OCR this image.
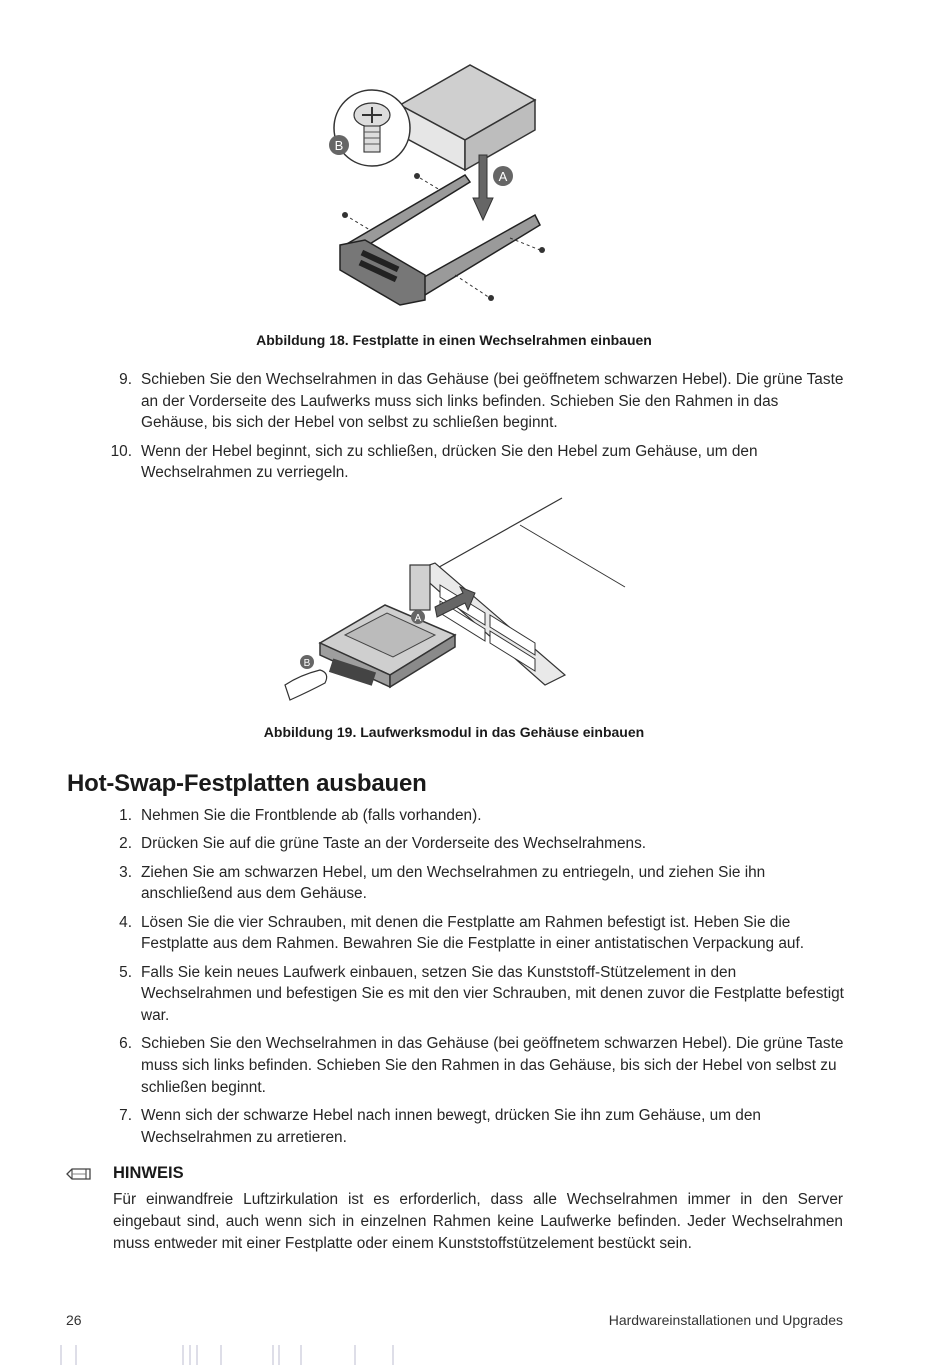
B
A
Abbildung 18. Festplatte in einen Wechselrahmen einbauen
9. Schieben Sie den Wechselrahmen in das Gehäuse (bei geöffnetem schwarzen Hebel). Die grüne Taste an der Vorderseite des Laufwerks muss sich links befinden. Schieben Sie den Rahmen in das Gehäuse, bis sich der Hebel von selbst zu schließen beginnt.
10. Wenn der Hebel beginnt, sich zu schließen, drücken Sie den Hebel zum Gehäuse, um den Wechselrahmen zu verriegeln.
A
B
Abbildung 19. Laufwerksmodul in das Gehäuse einbauen
Hot-Swap-Festplatten ausbauen
1. Nehmen Sie die Frontblende ab (falls vorhanden).
2. Drücken Sie auf die grüne Taste an der Vorderseite des Wechselrahmens.
3. Ziehen Sie am schwarzen Hebel, um den Wechselrahmen zu entriegeln, und ziehen Sie ihn anschließend aus dem Gehäuse.
4. Lösen Sie die vier Schrauben, mit denen die Festplatte am Rahmen befestigt ist. Heben Sie die Festplatte aus dem Rahmen. Bewahren Sie die Festplatte in einer antistatischen Verpackung auf.
5. Falls Sie kein neues Laufwerk einbauen, setzen Sie das Kunststoff-Stützelement in den Wechselrahmen und befestigen Sie es mit den vier Schrauben, mit denen zuvor die Festplatte befestigt war.
6. Schieben Sie den Wechselrahmen in das Gehäuse (bei geöffnetem schwarzen Hebel). Die grüne Taste muss sich links befinden. Schieben Sie den Rahmen in das Gehäuse, bis sich der Hebel von selbst zu schließen beginnt.
7. Wenn sich der schwarze Hebel nach innen bewegt, drücken Sie ihn zum Gehäuse, um den Wechselrahmen zu arretieren.
HINWEIS
Für einwandfreie Luftzirkulation ist es erforderlich, dass alle Wechselrahmen immer in den Server eingebaut sind, auch wenn sich in einzelnen Rahmen keine Laufwerke befinden. Jeder Wechselrahmen muss entweder mit einer Festplatte oder einem Kunststoffstützelement bestückt sein.
26	Hardwareinstallationen und Upgrades
